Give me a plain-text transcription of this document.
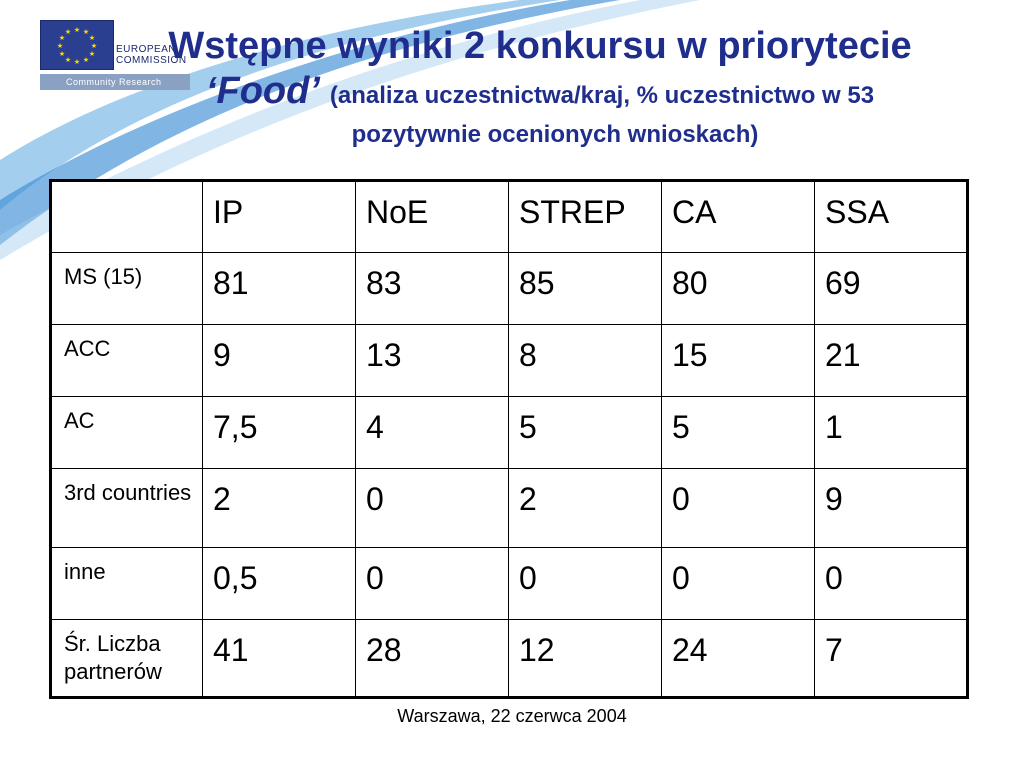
★ ★
★
★
★
★
★
★
★
★
★
★
EUROPEAN
COMMISSION
Community Research
Wstępne wyniki 2 konkursu w priorytecie
‘Food’ (analiza uczestnictwa/kraj, % uczestnictwo w 53
pozytywnie ocenionych wnioskach)
	IP	NoE	STREP	CA	SSA
MS (15)	81	83	85	80	69
ACC	9	13	8	15	21
AC	7,5	4	5	5	1
3rd countries	2	0	2	0	9
inne	0,5	0	0	0	0
Śr. Liczba partnerów	41	28	12	24	7
Warszawa, 22 czerwca 2004
